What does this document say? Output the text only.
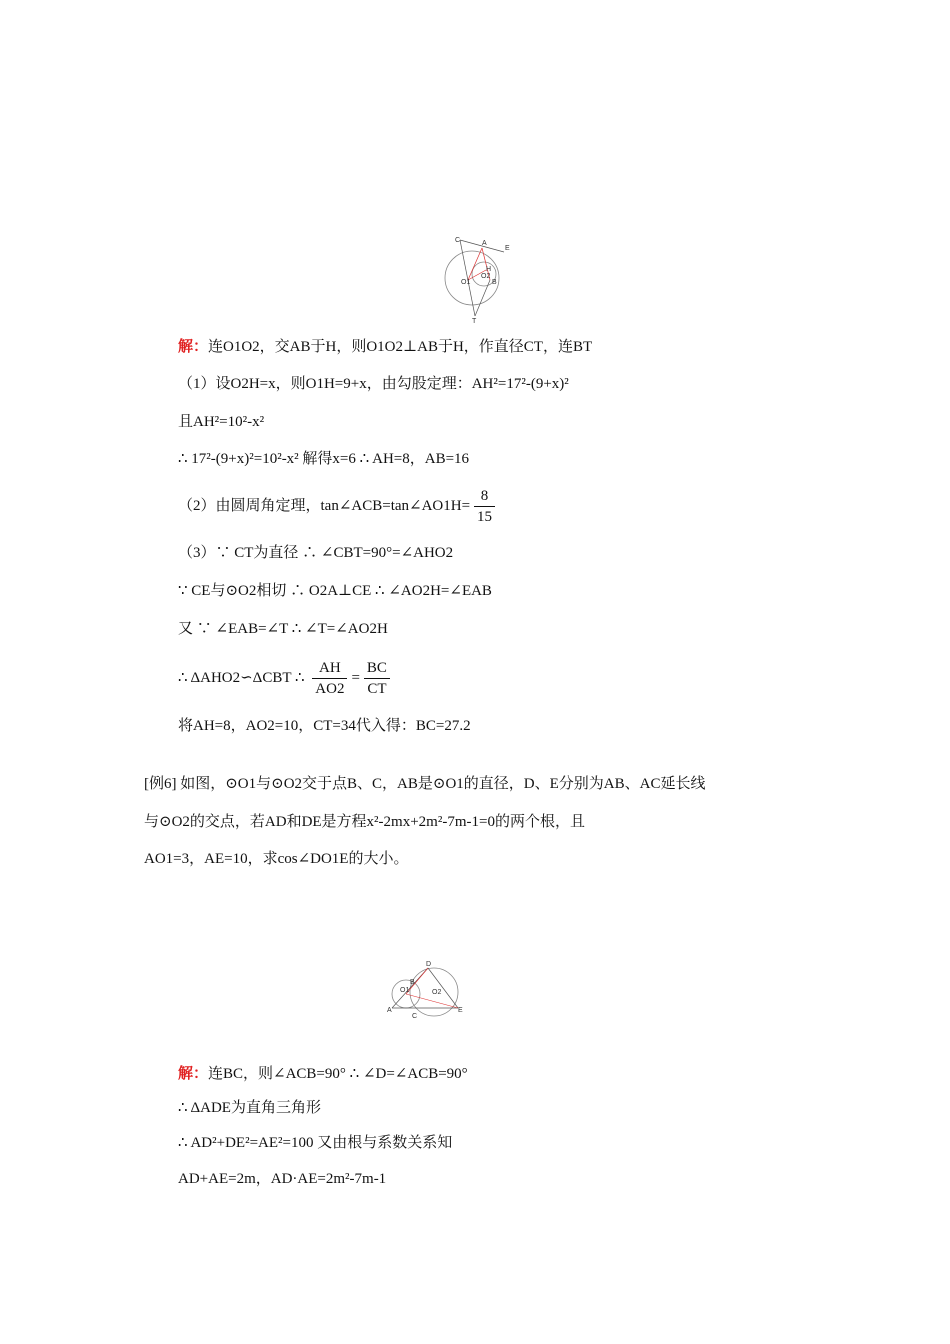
C	A
E
O1
O2
H
B
T
解：连O1O2，交AB于H，则O1O2⊥AB于H，作直径CT，连BT
（1）设O2H=x，则O1H=9+x，由勾股定理：AH²=17²-(9+x)²
且AH²=10²-x²
∴ 17²-(9+x)²=10²-x² 解得x=6 ∴ AH=8，AB=16
（2）由圆周角定理，tan∠ACB=tan∠AO1H= $\frac{8}{15}$
（3）∵ CT为直径 ∴ ∠CBT=90°=∠AHO2
∵ CE与⊙O2相切 ∴ O2A⊥CE ∴ ∠AO2H=∠EAB
又 ∵ ∠EAB=∠T ∴ ∠T=∠AO2H
∴ ΔAHO2∽ΔCBT ∴ $\frac{AH}{AO2} = \frac{BC}{CT}$
将AH=8，AO2=10，CT=34代入得：BC=27.2
[例6] 如图，⊙O1与⊙O2交于点B、C，AB是⊙O1的直径，D、E分别为AB、AC延长线
与⊙O2的交点，若AD和DE是方程x²-2mx+2m²-7m-1=0的两个根，且
AO1=3，AE=10，求cos∠DO1E的大小。
D
B
O1	O2
A
C
E
解：连BC，则∠ACB=90° ∴ ∠D=∠ACB=90°
∴ ΔADE为直角三角形
∴ AD²+DE²=AE²=100 又由根与系数关系知
AD+AE=2m，AD·AE=2m²-7m-1
